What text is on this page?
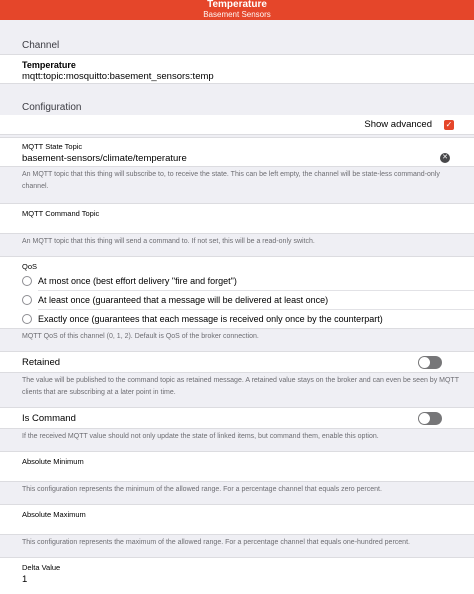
Temperature
Basement Sensors
Channel
Temperature
mqtt:topic:mosquitto:basement_sensors:temp
Configuration
Show advanced ✓
MQTT State Topic
basement-sensors/climate/temperature	✕
An MQTT topic that this thing will subscribe to, to receive the state. This can be left empty, the channel will be state-less command-only channel.
MQTT Command Topic
An MQTT topic that this thing will send a command to. If not set, this will be a read-only switch.
QoS
At most once (best effort delivery "fire and forget")
At least once (guaranteed that a message will be delivered at least once)
Exactly once (guarantees that each message is received only once by the counterpart)
MQTT QoS of this channel (0, 1, 2). Default is QoS of the broker connection.
Retained
The value will be published to the command topic as retained message. A retained value stays on the broker and can even be seen by MQTT clients that are subscribing at a later point in time.
Is Command
If the received MQTT value should not only update the state of linked items, but command them, enable this option.
Absolute Minimum
This configuration represents the minimum of the allowed range. For a percentage channel that equals zero percent.
Absolute Maximum
This configuration represents the maximum of the allowed range. For a percentage channel that equals one-hundred percent.
Delta Value
1
